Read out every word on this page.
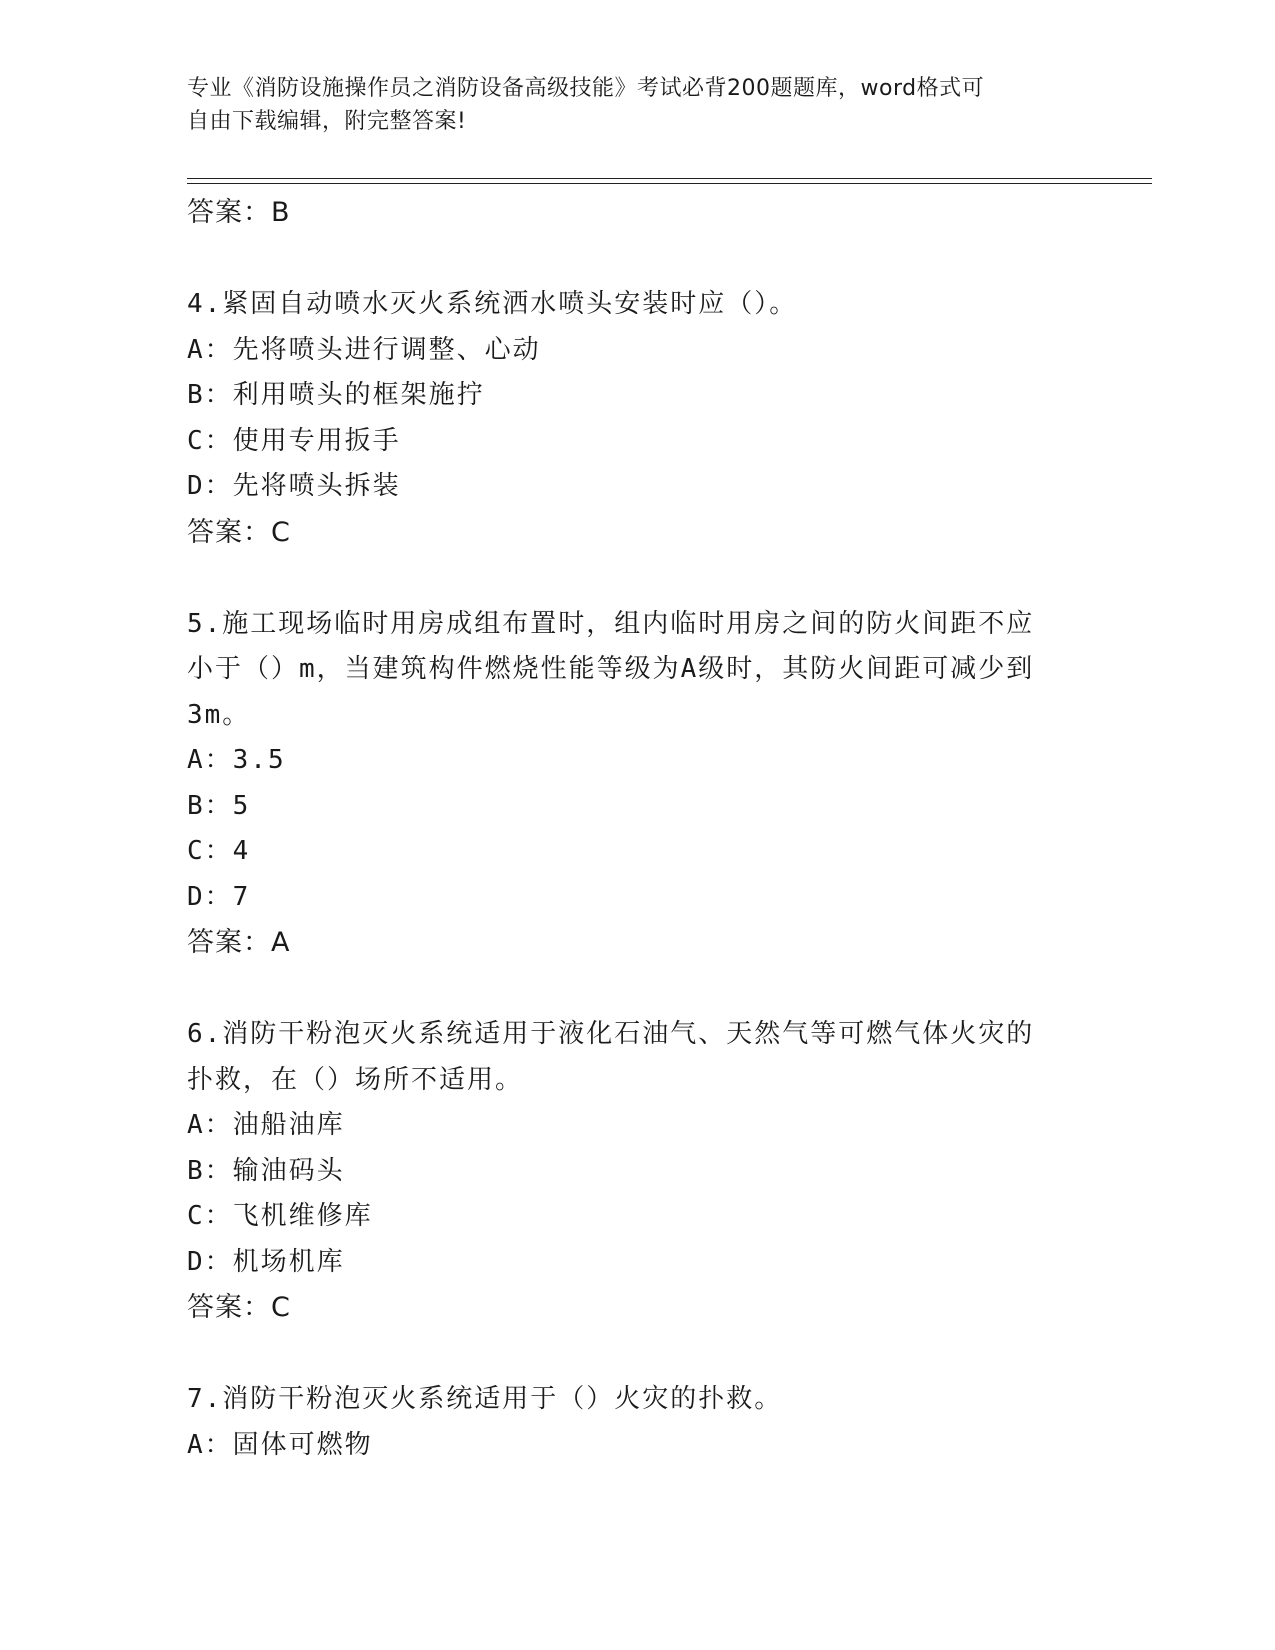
专业《消防设施操作员之消防设备高级技能》考试必背200题题库，word格式可
自由下载编辑，附完整答案!

答案：B

4.紧固自动喷水灭火系统洒水喷头安装时应（）。

A：先将喷头进行调整、心动

B：利用喷头的框架施拧

C：使用专用扳手

D：先将喷头拆装

答案：C

5.施工现场临时用房成组布置时，组内临时用房之间的防火间距不应

小于（）m，当建筑构件燃烧性能等级为A级时，其防火间距可减少到

3m。

A：3.5

B：5

C：4

D：7

答案：A

6.消防干粉泡灭火系统适用于液化石油气、天然气等可燃气体火灾的

扑救，在（）场所不适用。

A：油船油库

B：输油码头

C：飞机维修库

D：机场机库

答案：C

7.消防干粉泡灭火系统适用于（）火灾的扑救。

A：固体可燃物
